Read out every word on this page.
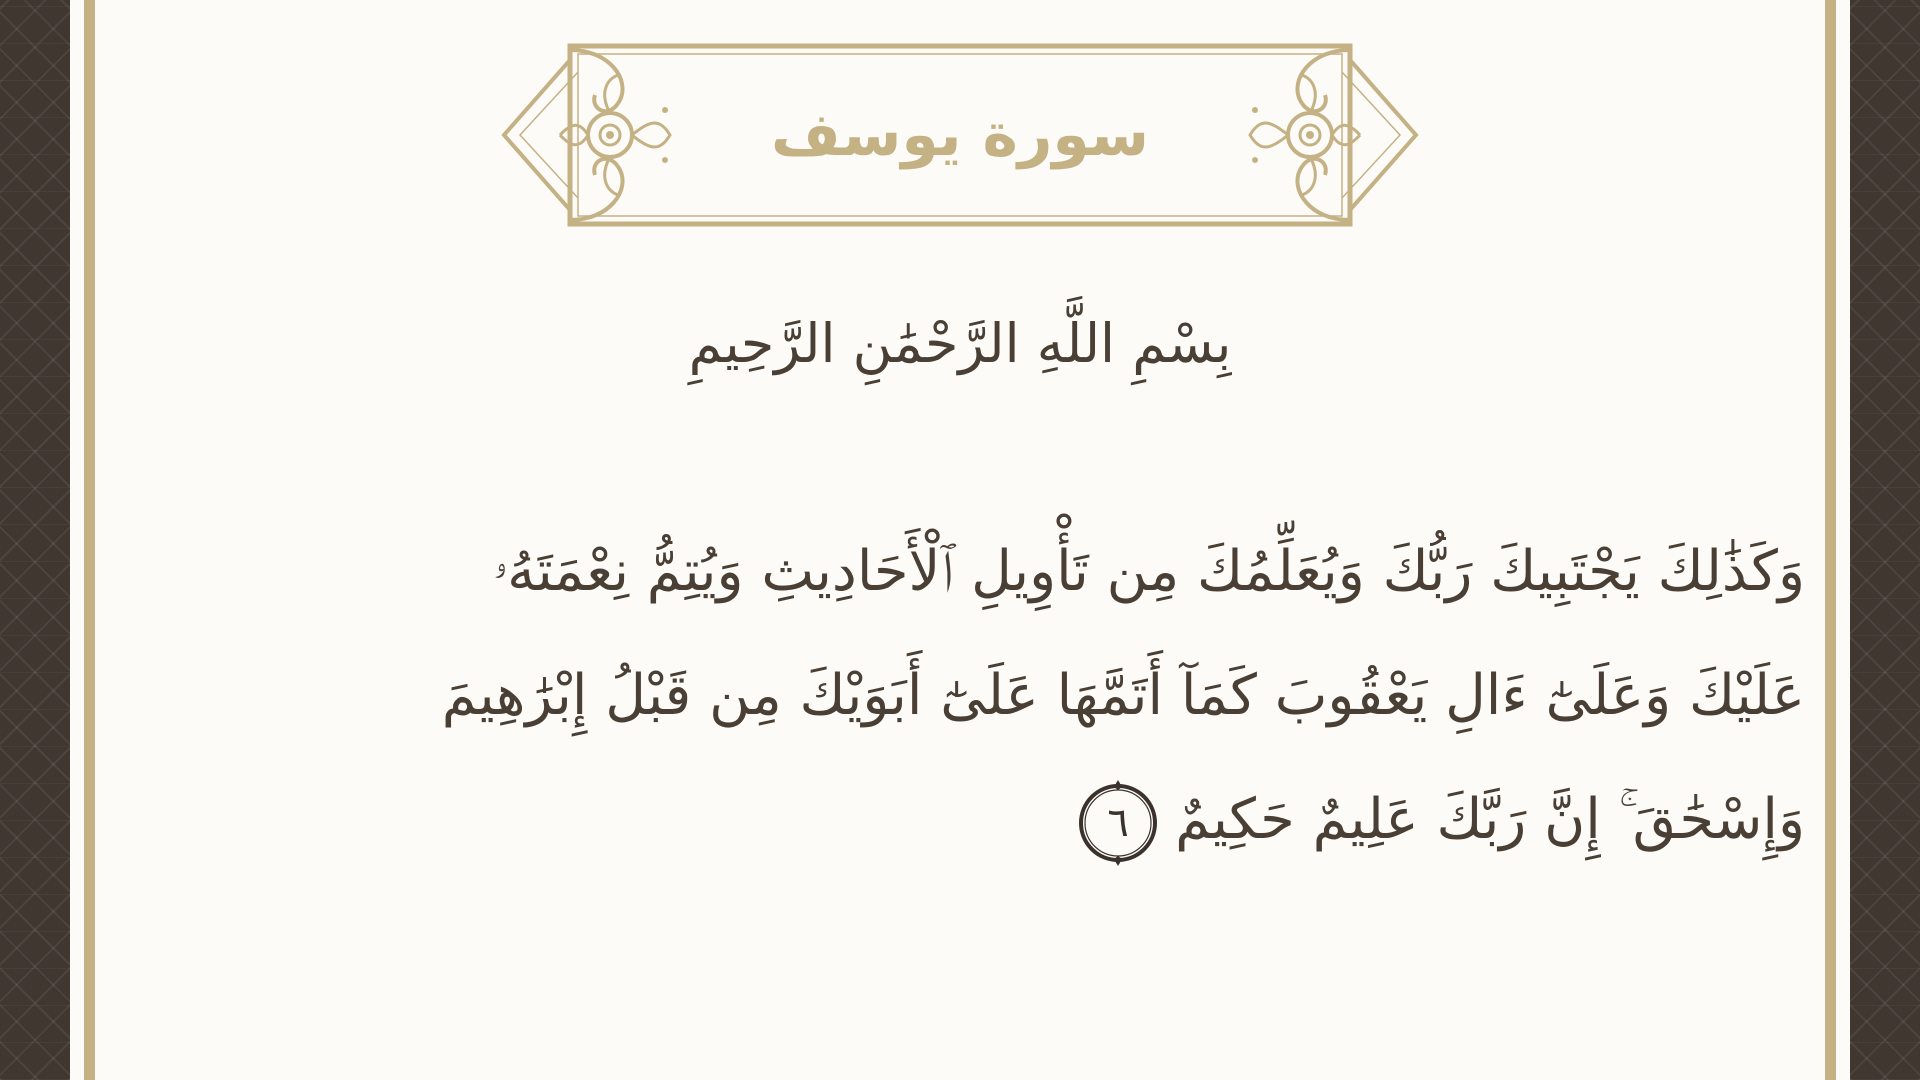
سورة يوسف
بِسْمِ اللَّهِ الرَّحْمَٰنِ الرَّحِيمِ
وَكَذَٰلِكَ يَجْتَبِيكَ رَبُّكَ وَيُعَلِّمُكَ مِن تَأْوِيلِ ٱلْأَحَادِيثِ وَيُتِمُّ نِعْمَتَهُۥ
عَلَيْكَ وَعَلَىٰٓ ءَالِ يَعْقُوبَ كَمَآ أَتَمَّهَا عَلَىٰٓ أَبَوَيْكَ مِن قَبْلُ إِبْرَٰهِيمَ
وَإِسْحَٰقَ ۚ إِنَّ رَبَّكَ عَلِيمٌ حَكِيمٌ
٦
